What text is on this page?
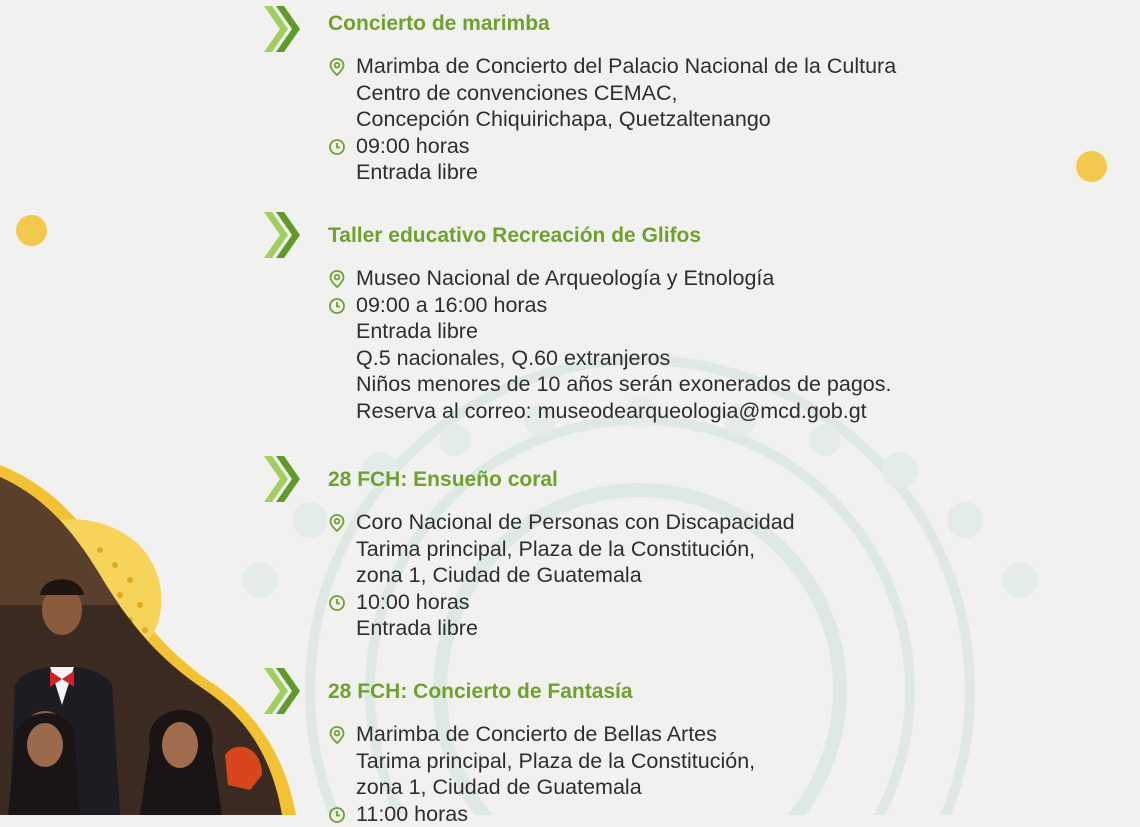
Concierto de marimba
Marimba de Concierto del Palacio Nacional de la Cultura
Centro de convenciones CEMAC,
Concepción Chiquirichapa, Quetzaltenango
09:00 horas
Entrada libre
Taller educativo Recreación de Glifos
Museo Nacional de Arqueología y Etnología
09:00 a 16:00 horas
Entrada libre
Q.5 nacionales, Q.60 extranjeros
Niños menores de 10 años serán exonerados de pagos.
Reserva al correo: museodearqueologia@mcd.gob.gt
28 FCH: Ensueño coral
Coro Nacional de Personas con Discapacidad
Tarima principal, Plaza de la Constitución,
zona 1, Ciudad de Guatemala
10:00 horas
Entrada libre
28 FCH: Concierto de Fantasía
Marimba de Concierto de Bellas Artes
Tarima principal, Plaza de la Constitución,
zona 1, Ciudad de Guatemala
11:00 horas
